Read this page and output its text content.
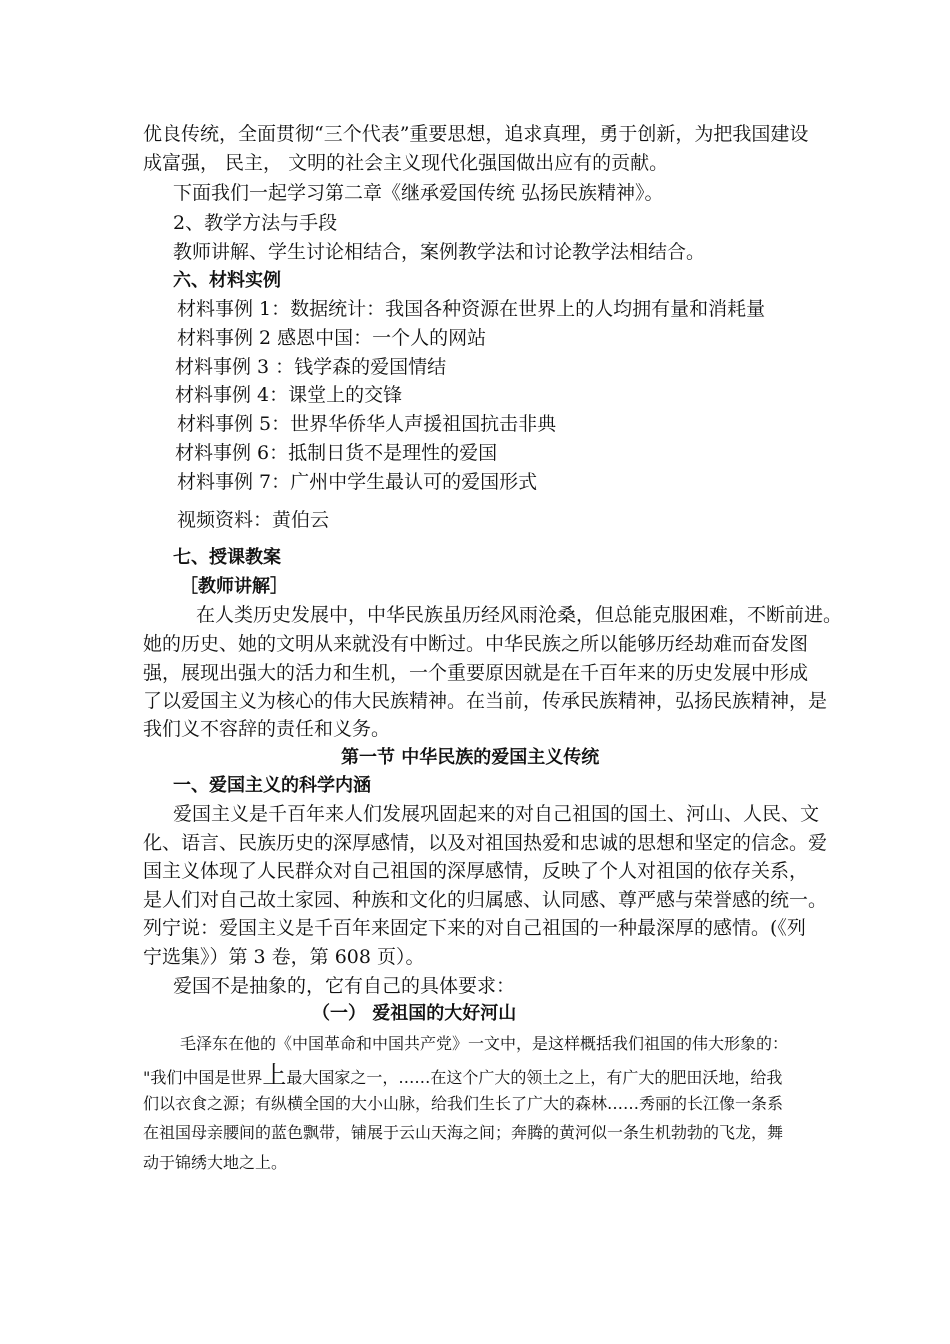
优良传统，全面贯彻“三个代表”重要思想，追求真理，勇于创新，为把我国建设
成富强， 民主， 文明的社会主义现代化强国做出应有的贡献。
下面我们一起学习第二章《继承爱国传统 弘扬民族精神》。
2、教学方法与手段
教师讲解、学生讨论相结合，案例教学法和讨论教学法相结合。
六、材料实例
材料事例 1：数据统计：我国各种资源在世界上的人均拥有量和消耗量
材料事例 2 感恩中国：一个人的网站
材料事例 3 ：钱学森的爱国情结
材料事例 4：课堂上的交锋
材料事例 5：世界华侨华人声援祖国抗击非典
材料事例 6：抵制日货不是理性的爱国
材料事例 7：广州中学生最认可的爱国形式
视频资料：黄伯云
七、授课教案
［教师讲解］
在人类历史发展中，中华民族虽历经风雨沧桑，但总能克服困难，不断前进。
她的历史、她的文明从来就没有中断过。中华民族之所以能够历经劫难而奋发图
强，展现出强大的活力和生机，一个重要原因就是在千百年来的历史发展中形成
了以爱国主义为核心的伟大民族精神。在当前，传承民族精神，弘扬民族精神，是
我们义不容辞的责任和义务。
第一节 中华民族的爱国主义传统
一、爱国主义的科学内涵
爱国主义是千百年来人们发展巩固起来的对自己祖国的国土、河山、人民、文
化、语言、民族历史的深厚感情，以及对祖国热爱和忠诚的思想和坚定的信念。爱
国主义体现了人民群众对自己祖国的深厚感情，反映了个人对祖国的依存关系，
是人们对自己故土家园、种族和文化的归属感、认同感、尊严感与荣誉感的统一。
列宁说：爱国主义是千百年来固定下来的对自己祖国的一种最深厚的感情。(《列
宁选集》）第 3 卷，第 608 页）。
爱国不是抽象的，它有自己的具体要求：
（一） 爱祖国的大好河山
毛泽东在他的《中国革命和中国共产党》一文中，是这样概括我们祖国的伟大形象的：
"我们中国是世界上最大国家之一，……在这个广大的领土之上，有广大的肥田沃地，给我
们以衣食之源；有纵横全国的大小山脉，给我们生长了广大的森林……秀丽的长江像一条系
在祖国母亲腰间的蓝色飘带，铺展于云山天海之间；奔腾的黄河似一条生机勃勃的飞龙，舞
动于锦绣大地之上。
